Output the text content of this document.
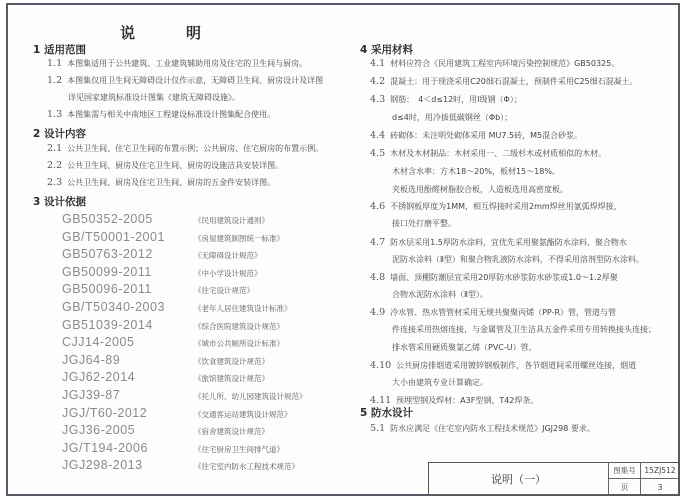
说　明
1 适用范围
1.1 本图集适用于公共建筑、工业建筑辅助用房及住宅的卫生间与厨房。
1.2 本图集仅用卫生间无障碍设计仅作示意，无障碍卫生间、厨房设计及详图
详见国家建筑标准设计图集《建筑无障碍设施》。
1.3 本图集需与相关中南地区工程建设标准设计图集配合使用。
2 设计内容
2.1 公共卫生间、住宅卫生间的布置示例；公共厨房、住宅厨房的布置示例。
2.2 公共卫生间、厨房及住宅卫生间、厨房的设施洁具安装详图。
2.3 公共卫生间、厨房及住宅卫生间、厨房的五金件安装详图。
3 设计依据
GB50352-2005	《民用建筑设计通则》
GB/T50001-2001	《房屋建筑制图统一标准》
GB50763-2012	《无障碍设计规范》
GB50099-2011	《中小学设计规范》
GB50096-2011	《住宅设计规范》
GB/T50340-2003	《老年人居住建筑设计标准》
GB51039-2014	《综合医院建筑设计规范》
CJJ14-2005	《城市公共厕所设计标准》
JGJ64-89	《饮食建筑设计规范》
JGJ62-2014	《旅馆建筑设计规范》
JGJ39-87	《托儿所、幼儿园建筑设计规范》
JGJ/T60-2012	《交通客运站建筑设计规范》
JGJ36-2005	《宿舍建筑设计规范》
JG/T194-2006	《住宅厨房卫生间排气道》
JGJ298-2013	《住宅室内防水工程技术规范》
4 采用材料
4.1 材料应符合《民用建筑工程室内环境污染控制规范》GB50325。
4.2 混凝土：用于现浇采用C20细石混凝土，预制件采用C25细石混凝土。
4.3 钢筋：　4＜d≤12时，用Ⅰ级钢（Φ）；
d≤4时，用冷拔低碳钢丝（Φb）；
4.4 砖砌体：未注明处砌体采用 MU7.5砖，M5混合砂浆。
4.5 木材及木材制品：木材采用一、二级杉木或材质相似的木材。
木材含水率：方木18～20%，板材15～18%。
夹板选用酚醛树脂胶合板，人造板选用高密度板。
4.6 不锈钢板厚度为1MM，相互焊接时采用2mm焊丝用氩弧焊焊接，
接口处打磨平整。
4.7 防水层采用1.5厚防水涂料，宜优先采用聚氨酯防水涂料、聚合物水
泥防水涂料（Ⅱ型）和聚合物乳液防水涂料，不得采用溶剂型防水涂料。
4.8 墙面、顶棚防潮层宜采用20厚防水砂浆防水砂浆或1.0～1.2厚聚
合物水泥防水涂料（Ⅱ型）。
4.9 冷水管、热水管管材采用无规共聚聚丙烯（PP-R）管，管道与管
件连接采用热熔连接，与金属管及卫生洁具五金件采用专用转换接头连接；
排水管采用硬质聚氯乙烯（PVC-U）管。
4.10 公共厨房排烟道采用镀锌钢板制作，各节烟道间采用螺丝连接，烟道
大小由建筑专业计算确定。
4.11 预埋型钢及焊材：A3F型钢、T42焊条。
5 防水设计
5.1 防水应满足《住宅室内防水工程技术规范》JGJ298 要求。
说明（一）
图集号	15ZJ512
页	3
